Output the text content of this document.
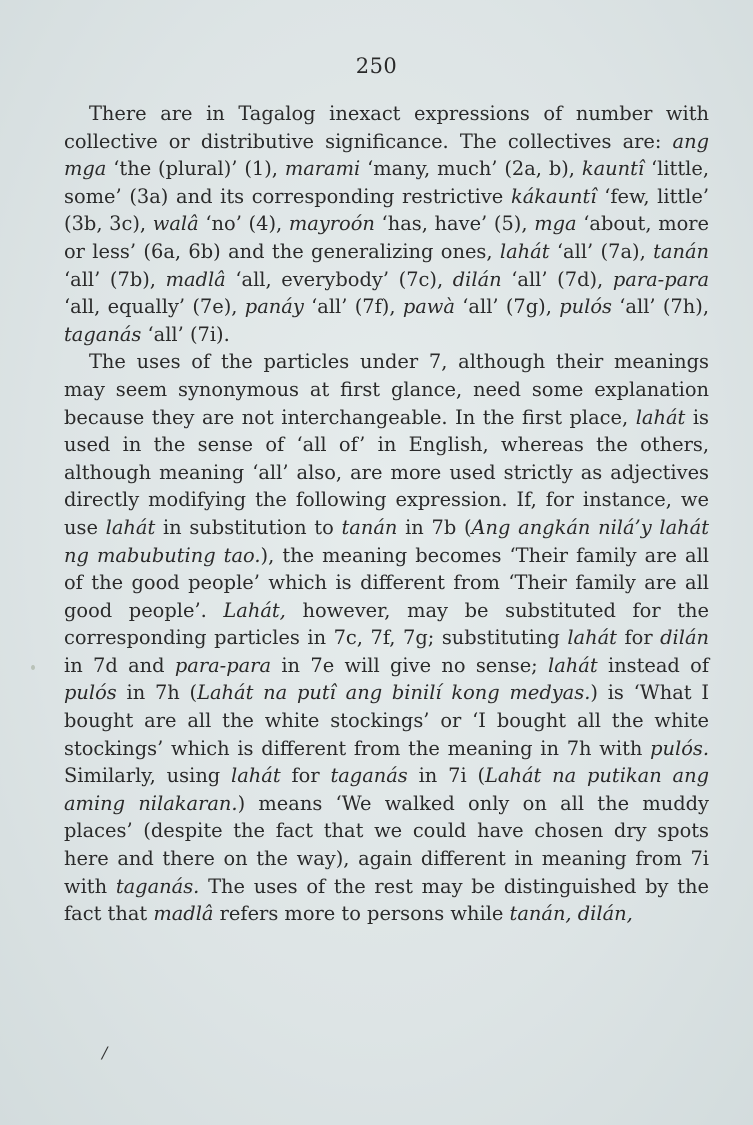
250

There are in Tagalog inexact expressions of number with collective or distributive significance. The collectives are: ang mga ‘the (plural)’ (1), marami ‘many, much’ (2a, b), kauntî ‘little, some’ (3a) and its corresponding restrictive kákauntî ‘few, little’ (3b, 3c), walâ ‘no’ (4), mayroón ‘has, have’ (5), mga ‘about, more or less’ (6a, 6b) and the generalizing ones, lahát ‘all’ (7a), tanán ‘all’ (7b), madlâ ‘all, everybody’ (7c), dilán ‘all’ (7d), para-para ‘all, equally’ (7e), panáy ‘all’ (7f), pawà ‘all’ (7g), pulós ‘all’ (7h), taganás ‘all’ (7i).

The uses of the particles under 7, although their meanings may seem synonymous at first glance, need some explanation because they are not interchangeable. In the first place, lahát is used in the sense of ‘all of’ in English, whereas the others, although meaning ‘all’ also, are more used strictly as adjectives directly modifying the following expression. If, for instance, we use lahát in substitution to tanán in 7b (Ang angkán nilá’y lahát ng mabubuting tao.), the meaning becomes ‘Their family are all of the good people’ which is different from ‘Their family are all good people’. Lahát, however, may be substituted for the corresponding particles in 7c, 7f, 7g; substituting lahát for dilán in 7d and para-para in 7e will give no sense; lahát instead of pulós in 7h (Lahát na putî ang binilí kong medyas.) is ‘What I bought are all the white stockings’ or ‘I bought all the white stockings’ which is different from the meaning in 7h with pulós. Similarly, using lahát for taganás in 7i (Lahát na putikan ang aming nilakaran.) means ‘We walked only on all the muddy places’ (despite the fact that we could have chosen dry spots here and there on the way), again different in meaning from 7i with taganás. The uses of the rest may be distinguished by the fact that madlâ refers more to persons while tanán, dilán,

/
